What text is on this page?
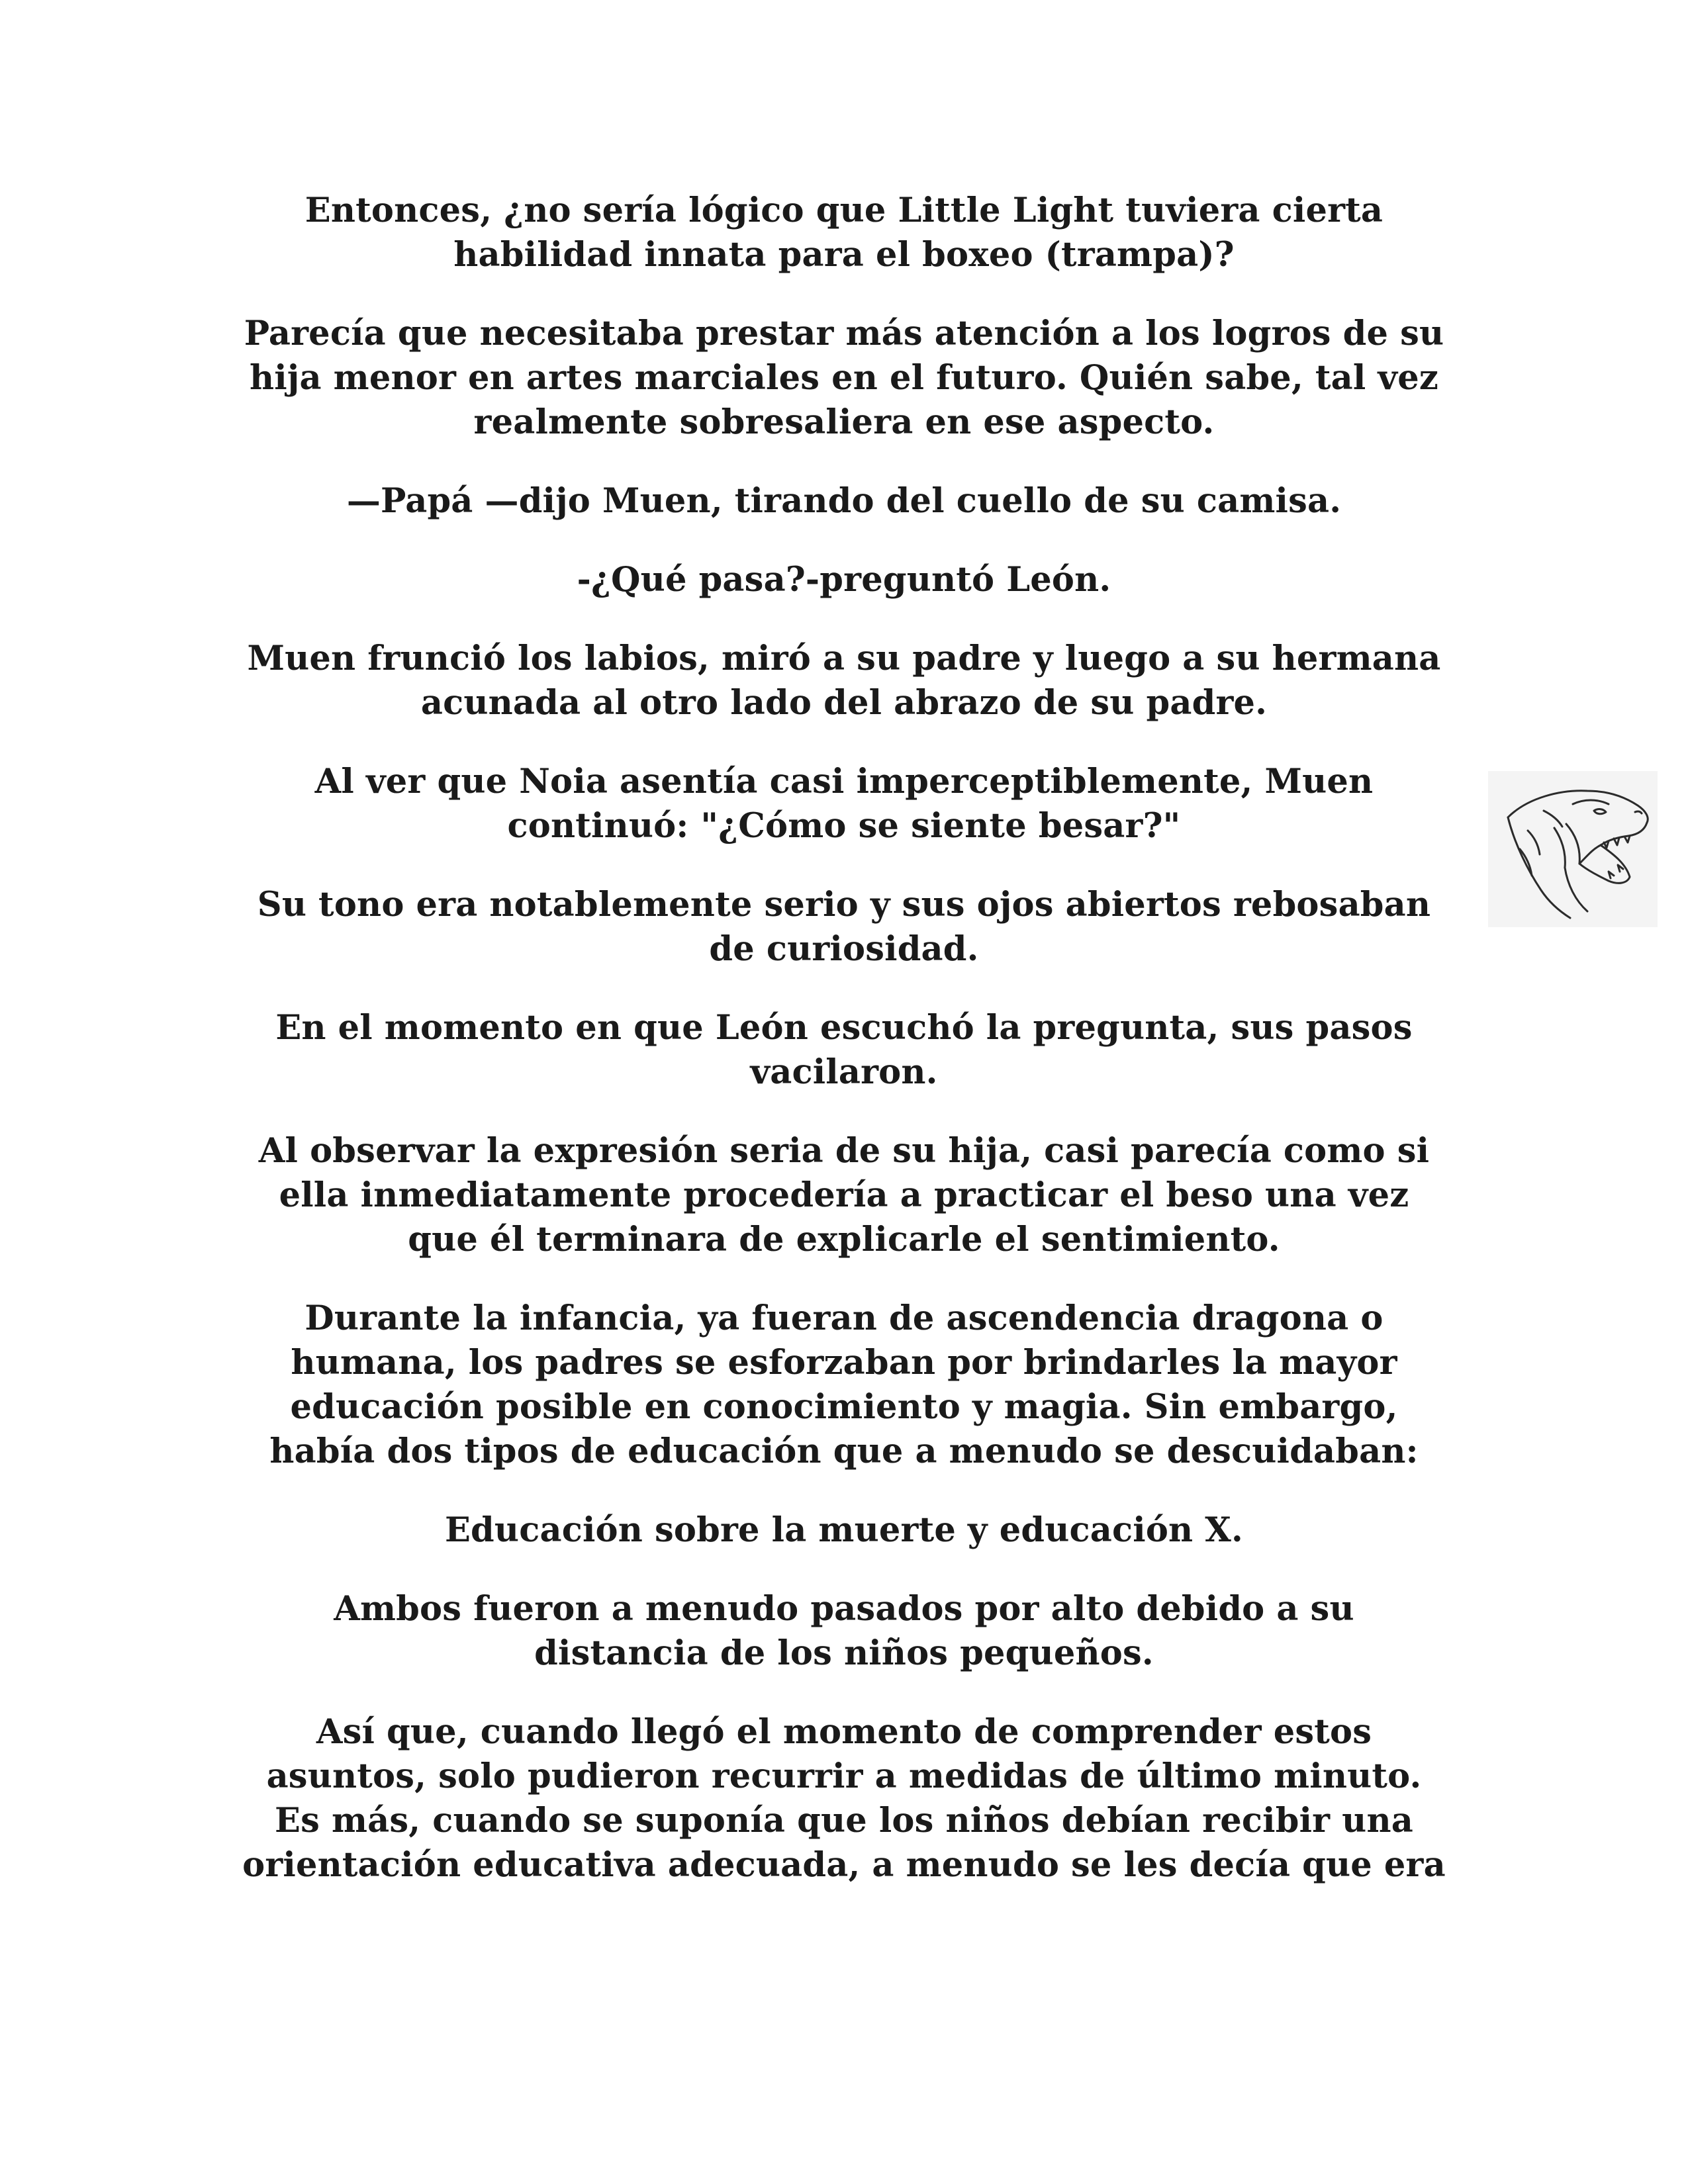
Entonces, ¿no sería lógico que Little Light tuviera cierta
habilidad innata para el boxeo (trampa)?

Parecía que necesitaba prestar más atención a los logros de su
hija menor en artes marciales en el futuro. Quién sabe, tal vez
realmente sobresaliera en ese aspecto.

—Papá —dijo Muen, tirando del cuello de su camisa.

-¿Qué pasa?-preguntó León.

Muen frunció los labios, miró a su padre y luego a su hermana
acunada al otro lado del abrazo de su padre.

Al ver que Noia asentía casi imperceptiblemente, Muen
continuó: "¿Cómo se siente besar?"

Su tono era notablemente serio y sus ojos abiertos rebosaban
de curiosidad.

En el momento en que León escuchó la pregunta, sus pasos
vacilaron.

Al observar la expresión seria de su hija, casi parecía como si
ella inmediatamente procedería a practicar el beso una vez
que él terminara de explicarle el sentimiento.

Durante la infancia, ya fueran de ascendencia dragona o
humana, los padres se esforzaban por brindarles la mayor
educación posible en conocimiento y magia. Sin embargo,
había dos tipos de educación que a menudo se descuidaban:

Educación sobre la muerte y educación X.

Ambos fueron a menudo pasados por alto debido a su
distancia de los niños pequeños.

Así que, cuando llegó el momento de comprender estos
asuntos, solo pudieron recurrir a medidas de último minuto.
Es más, cuando se suponía que los niños debían recibir una
orientación educativa adecuada, a menudo se les decía que era
